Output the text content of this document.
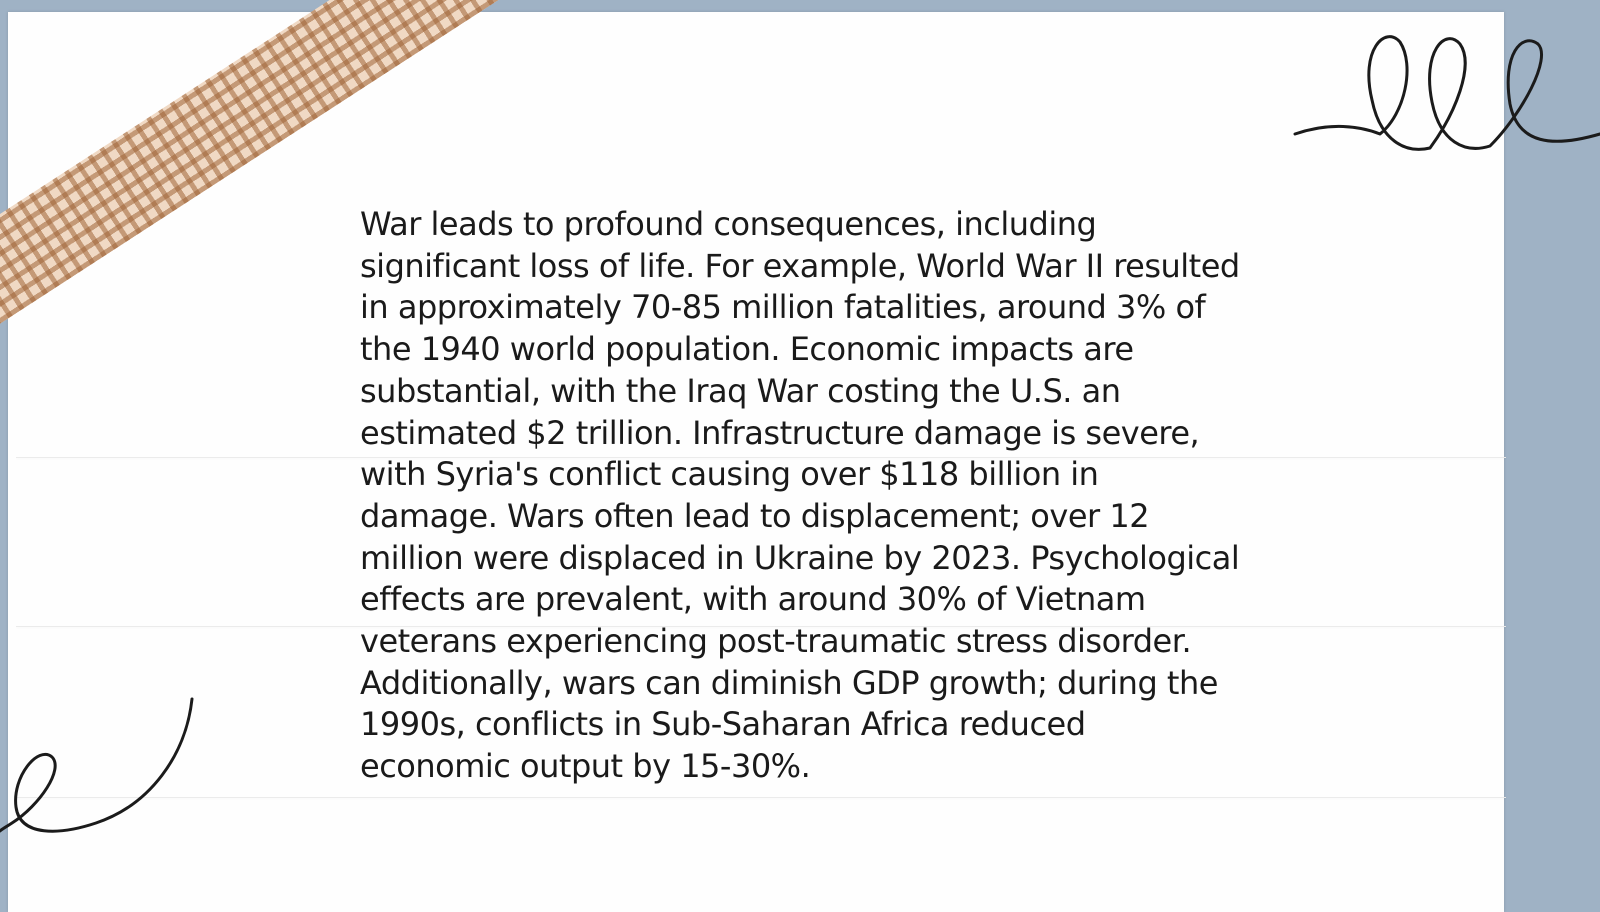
War leads to profound consequences, including significant loss of life. For example, World War II resulted in approximately 70-85 million fatalities, around 3% of the 1940 world population. Economic impacts are substantial, with the Iraq War costing the U.S. an estimated $2 trillion. Infrastructure damage is severe, with Syria's conflict causing over $118 billion in damage. Wars often lead to displacement; over 12 million were displaced in Ukraine by 2023. Psychological effects are prevalent, with around 30% of Vietnam veterans experiencing post-traumatic stress disorder. Additionally, wars can diminish GDP growth; during the 1990s, conflicts in Sub-Saharan Africa reduced economic output by 15-30%.
